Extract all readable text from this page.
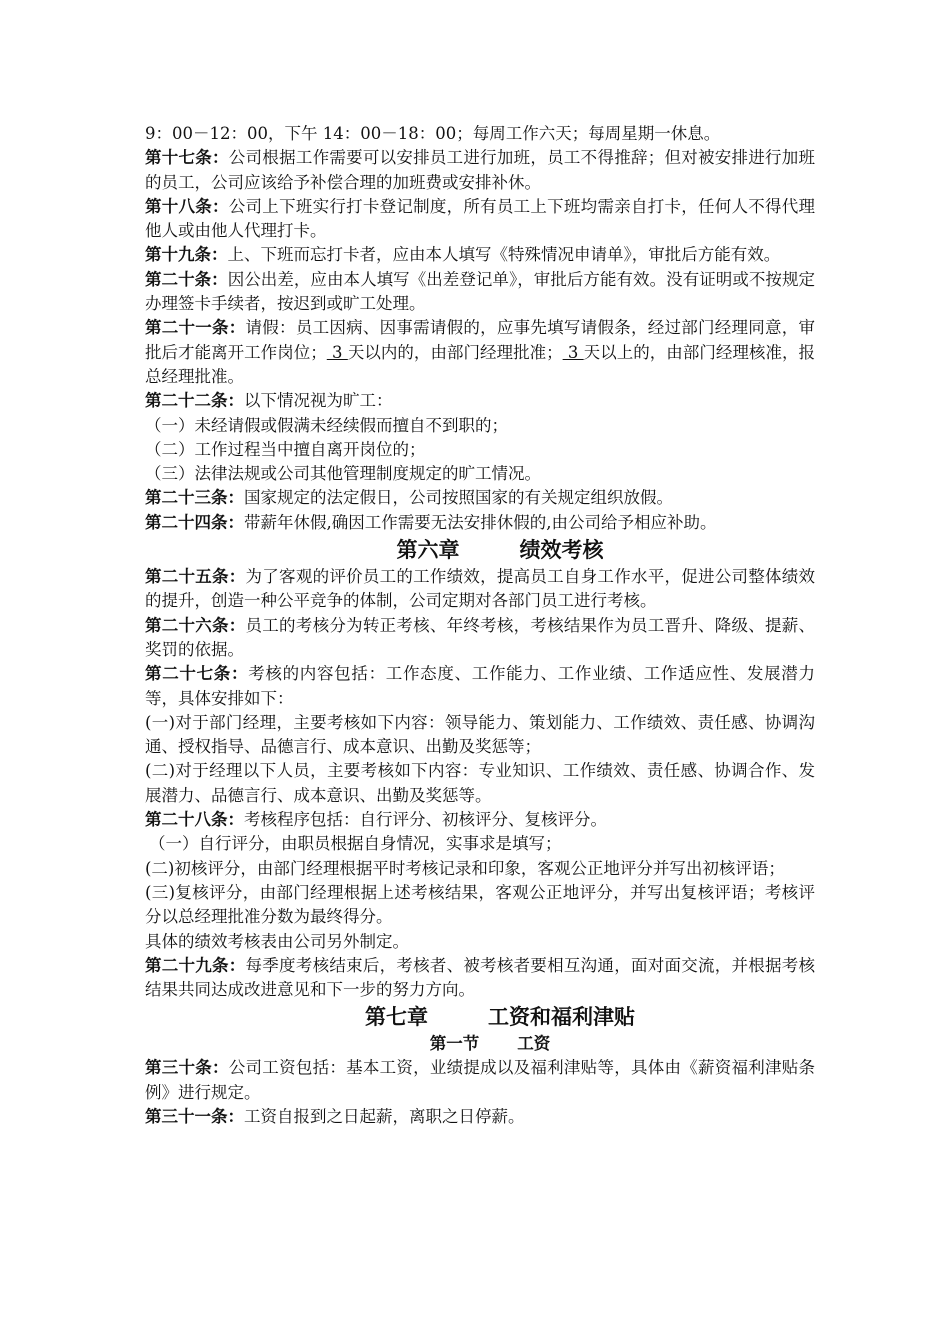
9：00－12：00，下午 14：00－18：00；每周工作六天；每周星期一休息。

第十七条：公司根据工作需要可以安排员工进行加班，员工不得推辞；但对被安排进行加班的员工，公司应该给予补偿合理的加班费或安排补休。

第十八条：公司上下班实行打卡登记制度，所有员工上下班均需亲自打卡，任何人不得代理他人或由他人代理打卡。

第十九条：上、下班而忘打卡者，应由本人填写《特殊情况申请单》，审批后方能有效。

第二十条：因公出差，应由本人填写《出差登记单》，审批后方能有效。没有证明或不按规定办理签卡手续者，按迟到或旷工处理。

第二十一条：请假：员工因病、因事需请假的，应事先填写请假条，经过部门经理同意，审批后才能离开工作岗位； 3 天以内的，由部门经理批准； 3 天以上的，由部门经理核准，报总经理批准。

第二十二条：以下情况视为旷工：

（一）未经请假或假满未经续假而擅自不到职的；

（二）工作过程当中擅自离开岗位的；

（三）法律法规或公司其他管理制度规定的旷工情况。

第二十三条：国家规定的法定假日，公司按照国家的有关规定组织放假。

第二十四条：带薪年休假,确因工作需要无法安排休假的,由公司给予相应补助。

第六章	绩效考核

第二十五条：为了客观的评价员工的工作绩效，提高员工自身工作水平，促进公司整体绩效的提升，创造一种公平竞争的体制，公司定期对各部门员工进行考核。

第二十六条：员工的考核分为转正考核、年终考核，考核结果作为员工晋升、降级、提薪、奖罚的依据。

第二十七条：考核的内容包括：工作态度、工作能力、工作业绩、工作适应性、发展潜力等，具体安排如下：

(一)对于部门经理，主要考核如下内容：领导能力、策划能力、工作绩效、责任感、协调沟通、授权指导、品德言行、成本意识、出勤及奖惩等；

(二)对于经理以下人员，主要考核如下内容：专业知识、工作绩效、责任感、协调合作、发展潜力、品德言行、成本意识、出勤及奖惩等。

第二十八条：考核程序包括：自行评分、初核评分、复核评分。

（一）自行评分，由职员根据自身情况，实事求是填写；

(二)初核评分，由部门经理根据平时考核记录和印象，客观公正地评分并写出初核评语；

(三)复核评分，由部门经理根据上述考核结果，客观公正地评分，并写出复核评语；考核评分以总经理批准分数为最终得分。

具体的绩效考核表由公司另外制定。

第二十九条：每季度考核结束后，考核者、被考核者要相互沟通，面对面交流，并根据考核结果共同达成改进意见和下一步的努力方向。

第七章	工资和福利津贴

第一节 工资

第三十条：公司工资包括：基本工资，业绩提成以及福利津贴等，具体由《薪资福利津贴条例》进行规定。

第三十一条：工资自报到之日起薪，离职之日停薪。
